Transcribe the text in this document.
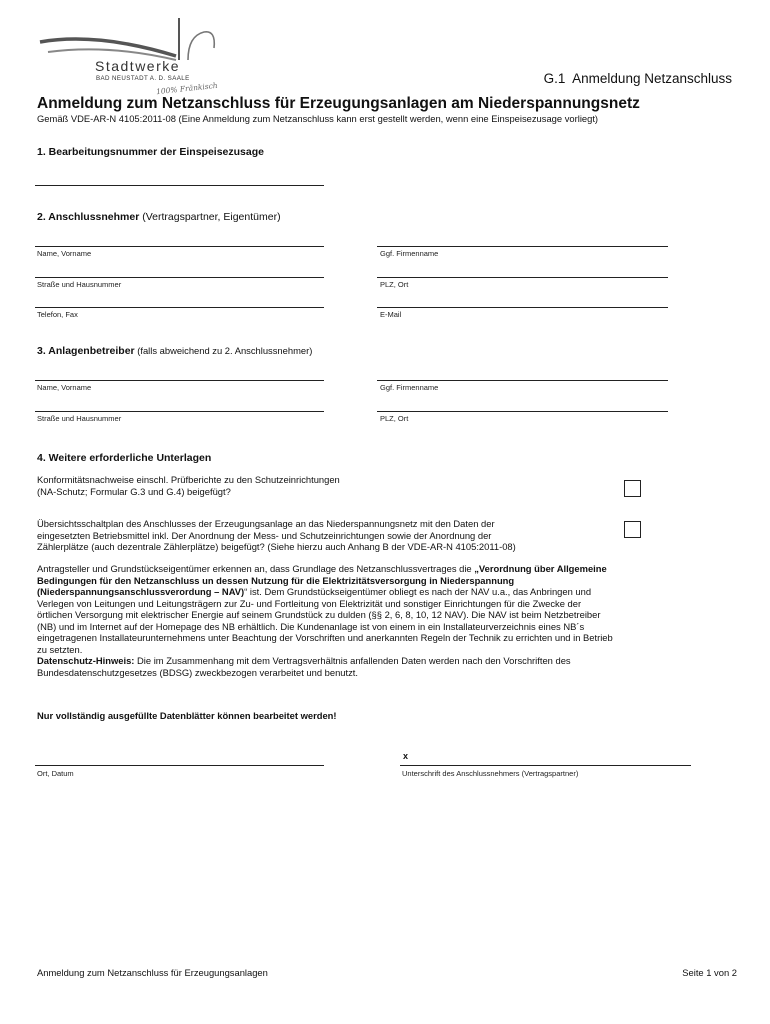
Stadtwerke
BAD NEUSTADT A. D. SAALE
100% Fränkisch
G.1  Anmeldung Netzanschluss
Anmeldung zum Netzanschluss für Erzeugungsanlagen am Niederspannungsnetz
Gemäß VDE-AR-N 4105:2011-08 (Eine Anmeldung zum Netzanschluss kann erst gestellt werden, wenn eine Einspeisezusage vorliegt)
1. Bearbeitungsnummer der Einspeisezusage
2. Anschlussnehmer (Vertragspartner, Eigentümer)
Name, Vorname	Ggf. Firmenname
Straße und Hausnummer	PLZ, Ort
Telefon, Fax	E-Mail
3. Anlagenbetreiber (falls abweichend zu 2. Anschlussnehmer)
Name, Vorname	Ggf. Firmenname
Straße und Hausnummer	PLZ, Ort
4. Weitere erforderliche Unterlagen
Konformitätsnachweise einschl. Prüfberichte zu den Schutzeinrichtungen
(NA-Schutz; Formular G.3 und G.4) beigefügt?
Übersichtsschaltplan des Anschlusses der Erzeugungsanlage an das Niederspannungsnetz mit den Daten der
eingesetzten Betriebsmittel inkl. Der Anordnung der Mess- und Schutzeinrichtungen sowie der Anordnung der
Zählerplätze (auch dezentrale Zählerplätze) beigefügt? (Siehe hierzu auch Anhang B der VDE-AR-N 4105:2011-08)
Antragsteller und Grundstückseigentümer erkennen an, dass Grundlage des Netzanschlussvertrages die „Verordnung über Allgemeine
Bedingungen für den Netzanschluss un dessen Nutzung für die Elektrizitätsversorgung in Niederspannung
(Niederspannungsanschlussverordung – NAV)“ ist. Dem Grundstückseigentümer obliegt es nach der NAV u.a., das Anbringen und
Verlegen von Leitungen und Leitungsträgern zur Zu- und Fortleitung von Elektrizität und sonstiger Einrichtungen für die Zwecke der
örtlichen Versorgung mit elektrischer Energie auf seinem Grundstück zu dulden (§§ 2, 6, 8, 10, 12 NAV). Die NAV ist beim Netzbetreiber
(NB) und im Internet auf der Homepage des NB erhältlich. Die Kundenanlage ist von einem in ein Installateurverzeichnis eines NB´s
eingetragenen Installateurunternehmens unter Beachtung der Vorschriften und anerkannten Regeln der Technik zu errichten und in Betrieb
zu setzten.
Datenschutz-Hinweis: Die im Zusammenhang mit dem Vertragsverhältnis anfallenden Daten werden nach den Vorschriften des
Bundesdatenschutzgesetzes (BDSG) zweckbezogen verarbeitet und benutzt.
Nur vollständig ausgefüllte Datenblätter können bearbeitet werden!
Ort, Datum
x
Unterschrift des Anschlussnehmers (Vertragspartner)
Anmeldung zum Netzanschluss für Erzeugungsanlagen	Seite 1 von 2
